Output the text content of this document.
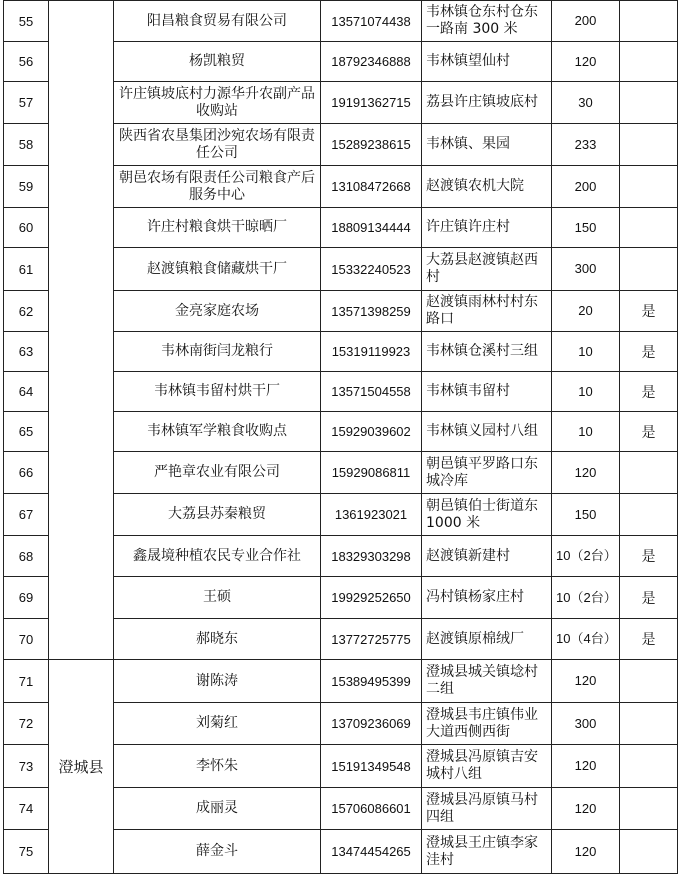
55		阳昌粮食贸易有限公司	13571074438	韦林镇仓东村仓东一路南 300 米	200	
56		杨凯粮贸	18792346888	韦林镇望仙村	120	
57		许庄镇坡底村力源华升农副产品收购站	19191362715	荔县许庄镇坡底村	30	
58		陕西省农垦集团沙宛农场有限责任公司	15289238615	韦林镇、果园	233	
59		朝邑农场有限责任公司粮食产后服务中心	13108472668	赵渡镇农机大院	200	
60		许庄村粮食烘干晾晒厂	18809134444	许庄镇许庄村	150	
61		赵渡镇粮食储藏烘干厂	15332240523	大荔县赵渡镇赵西村	300	
62		金亮家庭农场	13571398259	赵渡镇雨林村村东路口	20	是
63		韦林南街闫龙粮行	15319119923	韦林镇仓溪村三组	10	是
64		韦林镇韦留村烘干厂	13571504558	韦林镇韦留村	10	是
65		韦林镇军学粮食收购点	15929039602	韦林镇义园村八组	10	是
66		严艳章农业有限公司	15929086811	朝邑镇平罗路口东城冷库	120	
67		大荔县苏秦粮贸	1361923021	朝邑镇伯士街道东1000 米	150	
68		鑫晟境种植农民专业合作社	18329303298	赵渡镇新建村	10（2台）	是
69		王硕	19929252650	冯村镇杨家庄村	10（2台）	是
70		郝晓东	13772725775	赵渡镇原棉绒厂	10（4台）	是
71	澄城县	谢陈涛	15389495399	澄城县城关镇埝村二组	120	
72		刘菊红	13709236069	澄城县韦庄镇伟业大道西侧西街	300	
73		李怀朱	15191349548	澄城县冯原镇吉安城村八组	120	
74		成丽灵	15706086601	澄城县冯原镇马村四组	120	
75		薛金斗	13474454265	澄城县王庄镇李家洼村	120	
